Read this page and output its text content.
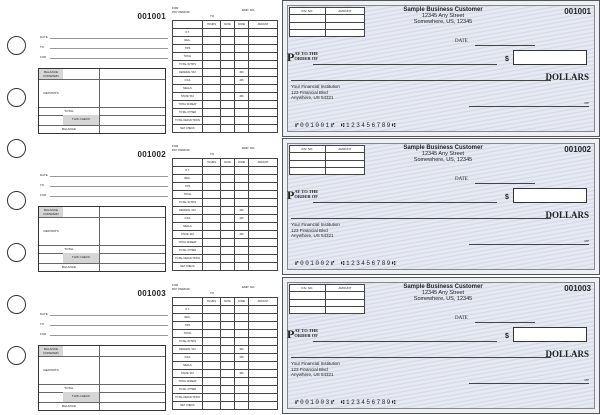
001001
DATE
TO
FOR
BALANCE FORWARD
DEPOSITS
TOTAL
THIS CHECK
BALANCE
FOR
PAY PERIOD
TO
EMP. NO.
	HOURS	RATE	CODE	AMOUNT
O.T.				
REG.				
TIPS				
TOTAL				
TOTAL W/TIPS				
FEDERAL TAX			400	
FICA			405	
MEALS				
STATE TAX			406	
TOTAL W/MEAT				
TOTAL OTHER				
TOTAL DEDUCTIONS				
NET CHECK				
INV. NO.	AMOUNT

		Sample Business Customer
12345 Any Street
Somewhere, US, 12345
001001
DATE
PAY TO THE
ORDER OF	$
DOLLARS
Your Financial Institution
123 Financial Blvd
Anywhere, US 54321
MP
⑈001001⑈ ⑆123456789⑆
001002
DATE
TO
FOR
BALANCE FORWARD
DEPOSITS
TOTAL
THIS CHECK
BALANCE
FOR
PAY PERIOD
TO
EMP. NO.
	HOURS	RATE	CODE	AMOUNT
O.T.				
REG.				
TIPS				
TOTAL				
TOTAL W/TIPS				
FEDERAL TAX			400	
FICA			405	
MEALS				
STATE TAX			406	
TOTAL W/MEAT				
TOTAL OTHER				
TOTAL DEDUCTIONS				
NET CHECK				
INV. NO.	AMOUNT

		Sample Business Customer
12345 Any Street
Somewhere, US, 12345
001002
DATE
PAY TO THE
ORDER OF	$
DOLLARS
Your Financial Institution
123 Financial Blvd
Anywhere, US 54321
MP
⑈001002⑈ ⑆123456789⑆
001003
DATE
TO
FOR
BALANCE FORWARD
DEPOSITS
TOTAL
THIS CHECK
BALANCE
FOR
PAY PERIOD
TO
EMP. NO.
	HOURS	RATE	CODE	AMOUNT
O.T.				
REG.				
TIPS				
TOTAL				
TOTAL W/TIPS				
FEDERAL TAX			400	
FICA			405	
MEALS				
STATE TAX			406	
TOTAL W/MEAT				
TOTAL OTHER				
TOTAL DEDUCTIONS				
NET CHECK				
INV. NO.	AMOUNT

		Sample Business Customer
12345 Any Street
Somewhere, US, 12345
001003
DATE
PAY TO THE
ORDER OF	$
DOLLARS
Your Financial Institution
123 Financial Blvd
Anywhere, US 54321
MP
⑈001003⑈ ⑆123456789⑆
